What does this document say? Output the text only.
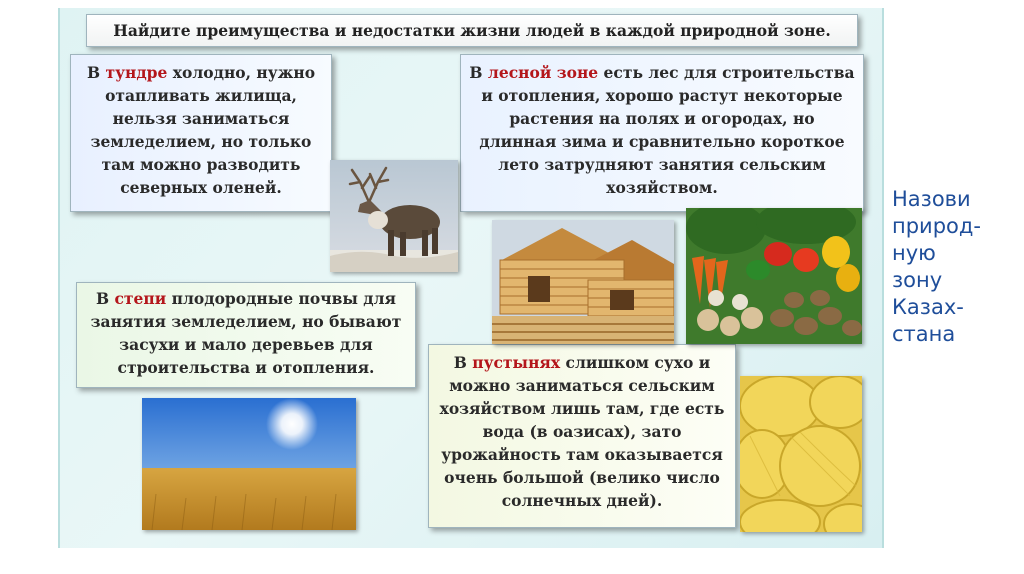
Найдите преимущества и недостатки жизни людей в каждой природной зоне.
В тундре холодно, нужно отапливать жилища, нельзя заниматься земледелием, но только там можно разводить северных оленей.
В лесной зоне есть лес для строительства и отопления, хорошо растут некоторые растения на полях и огородах, но длинная зима и сравнительно короткое лето затрудняют занятия сельским хозяйством.
В степи плодородные почвы для занятия земледелием, но бывают засухи и мало деревьев для строительства и отопления.	В пустынях слишком сухо и можно заниматься сельским хозяйством лишь там, где есть вода (в оазисах), зато урожайность там оказывается очень большой (велико число солнечных дней).
Назови
природ-
ную
зону
Казах-
стана
